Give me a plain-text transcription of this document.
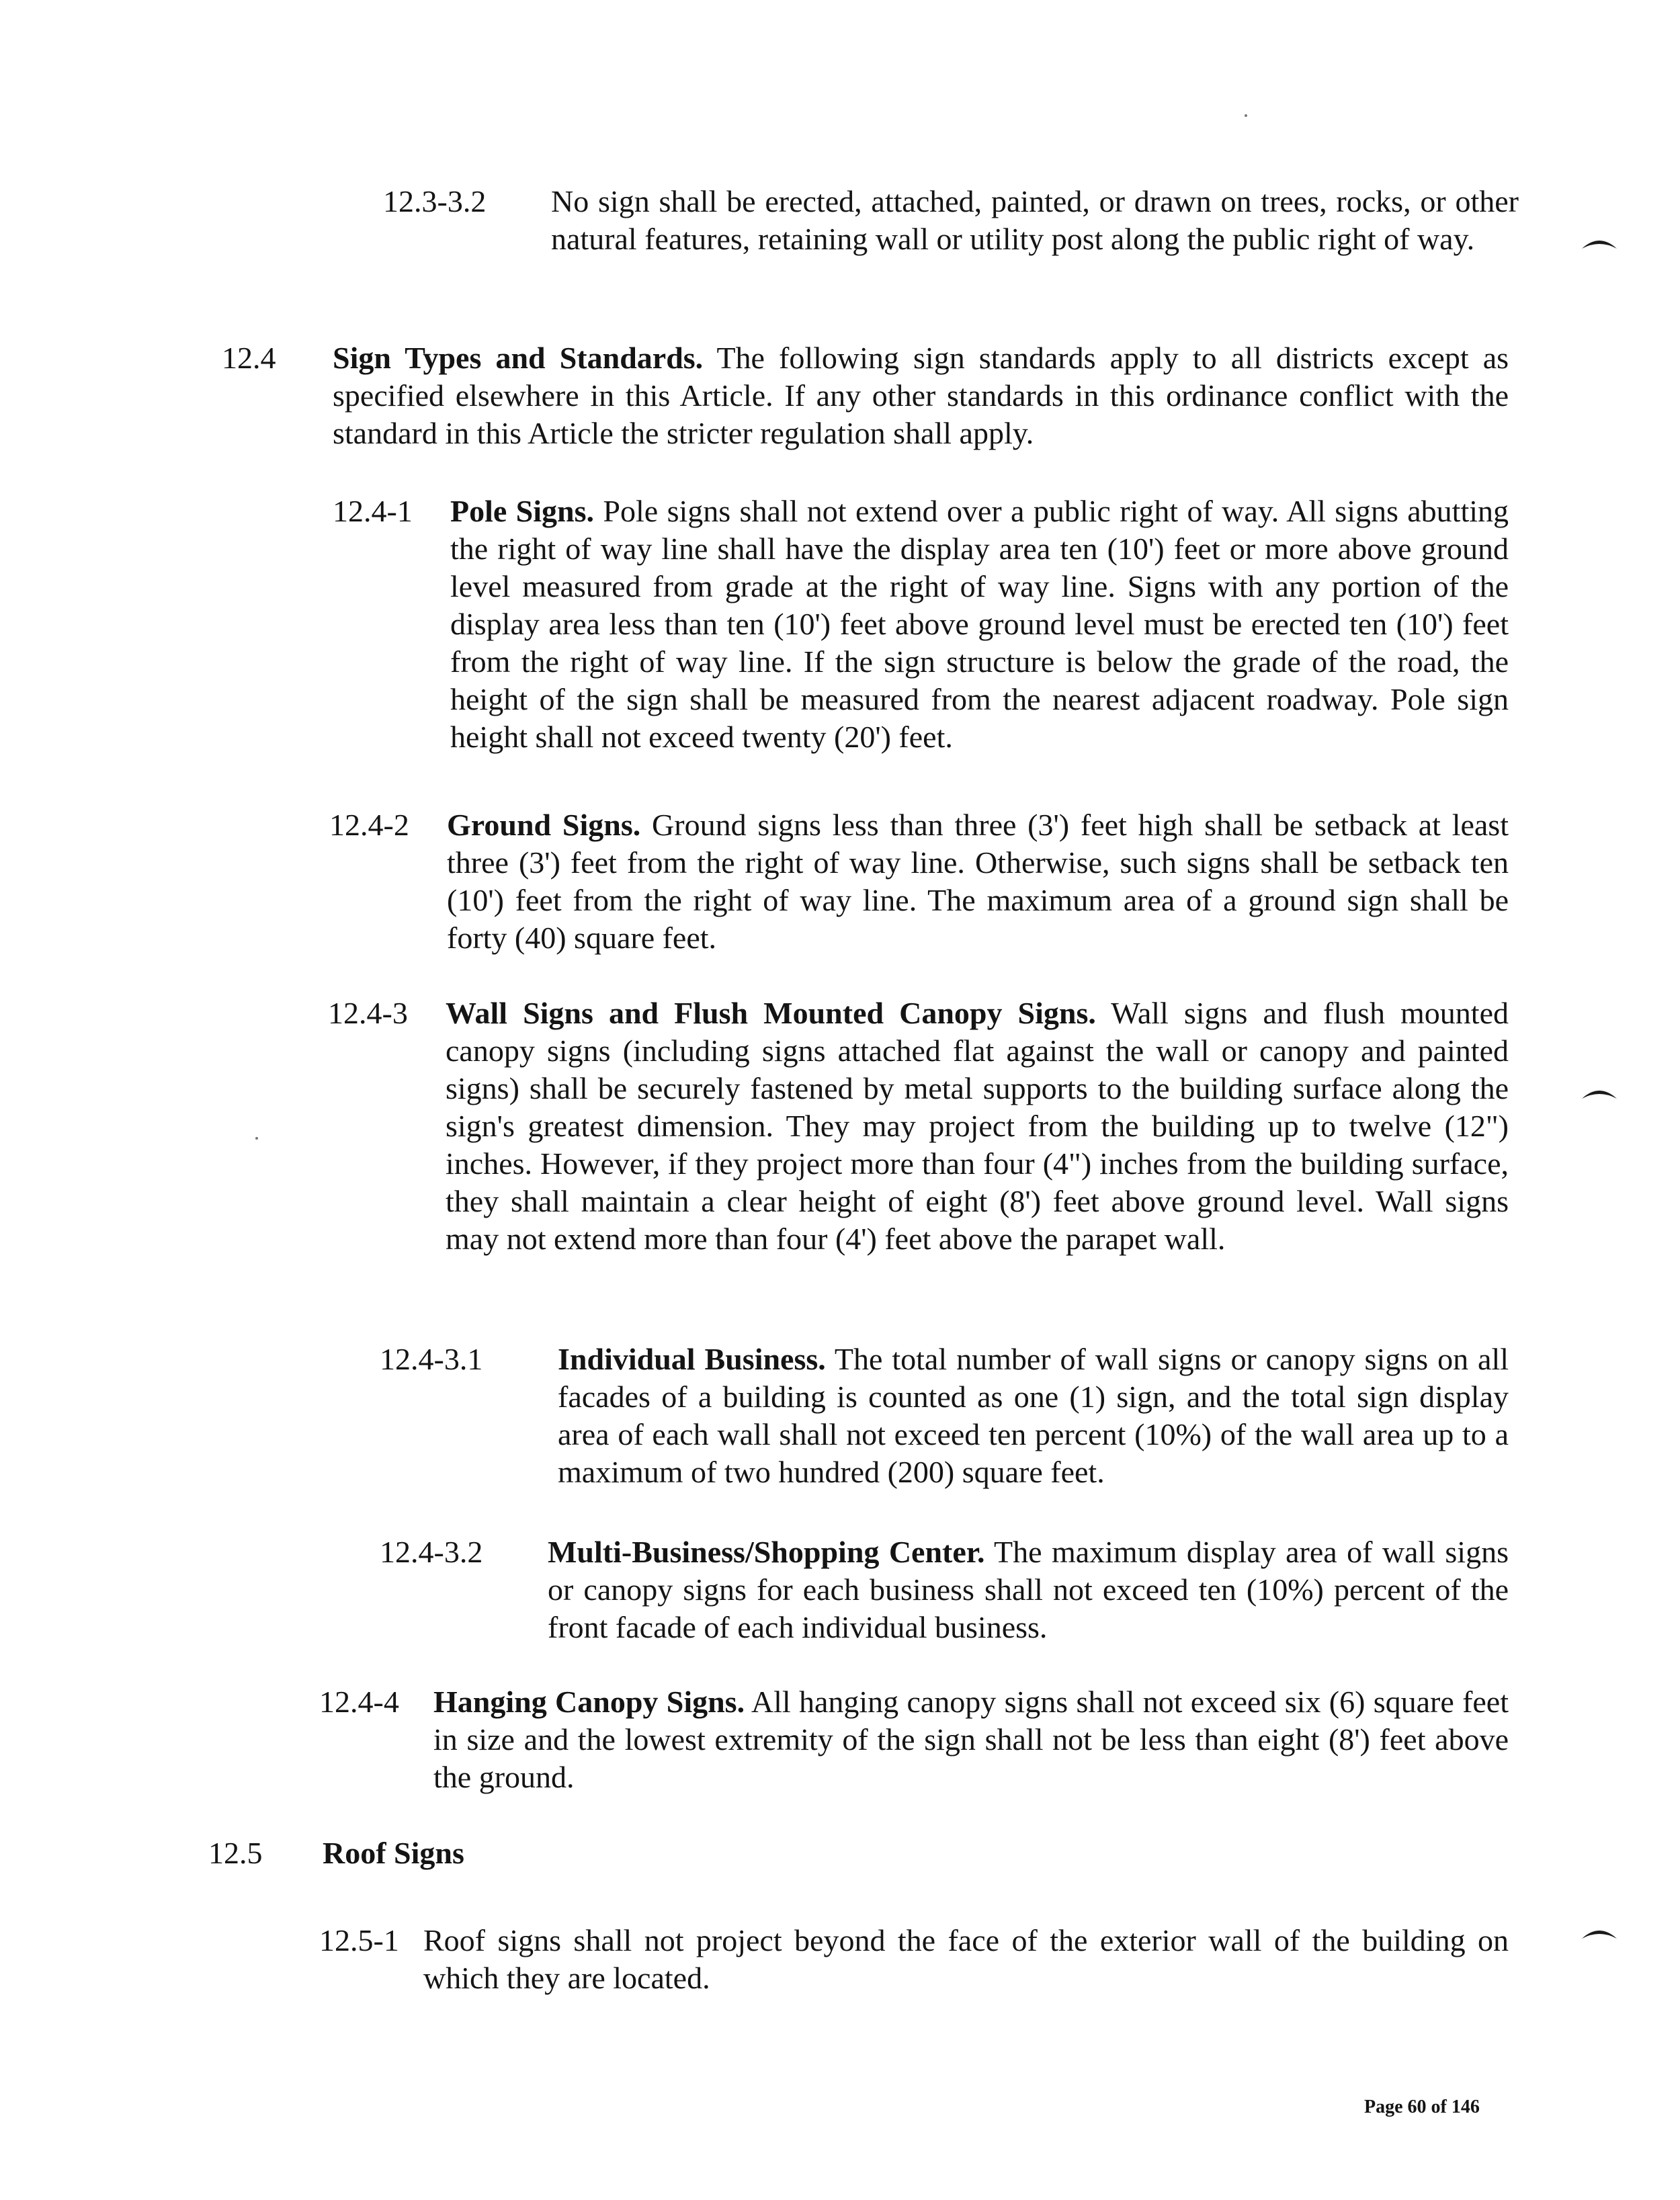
12.3-3.2 No sign shall be erected, attached, painted, or drawn on trees, rocks, or other natural features, retaining wall or utility post along the public right of way.
12.4 Sign Types and Standards. The following sign standards apply to all districts except as specified elsewhere in this Article. If any other standards in this ordinance conflict with the standard in this Article the stricter regulation shall apply.
12.4-1 Pole Signs. Pole signs shall not extend over a public right of way. All signs abutting the right of way line shall have the display area ten (10') feet or more above ground level measured from grade at the right of way line. Signs with any portion of the display area less than ten (10') feet above ground level must be erected ten (10') feet from the right of way line. If the sign structure is below the grade of the road, the height of the sign shall be measured from the nearest adjacent roadway. Pole sign height shall not exceed twenty (20') feet.
12.4-2 Ground Signs. Ground signs less than three (3') feet high shall be setback at least three (3') feet from the right of way line. Otherwise, such signs shall be setback ten (10') feet from the right of way line. The maximum area of a ground sign shall be forty (40) square feet.
12.4-3 Wall Signs and Flush Mounted Canopy Signs. Wall signs and flush mounted canopy signs (including signs attached flat against the wall or canopy and painted signs) shall be securely fastened by metal supports to the building surface along the sign's greatest dimension. They may project from the building up to twelve (12") inches. However, if they project more than four (4") inches from the building surface, they shall maintain a clear height of eight (8') feet above ground level. Wall signs may not extend more than four (4') feet above the parapet wall.
12.4-3.1 Individual Business. The total number of wall signs or canopy signs on all facades of a building is counted as one (1) sign, and the total sign display area of each wall shall not exceed ten percent (10%) of the wall area up to a maximum of two hundred (200) square feet.
12.4-3.2 Multi-Business/Shopping Center. The maximum display area of wall signs or canopy signs for each business shall not exceed ten (10%) percent of the front facade of each individual business.
12.4-4 Hanging Canopy Signs. All hanging canopy signs shall not exceed six (6) square feet in size and the lowest extremity of the sign shall not be less than eight (8') feet above the ground.
12.5 Roof Signs
12.5-1 Roof signs shall not project beyond the face of the exterior wall of the building on which they are located.
Page 60 of 146
